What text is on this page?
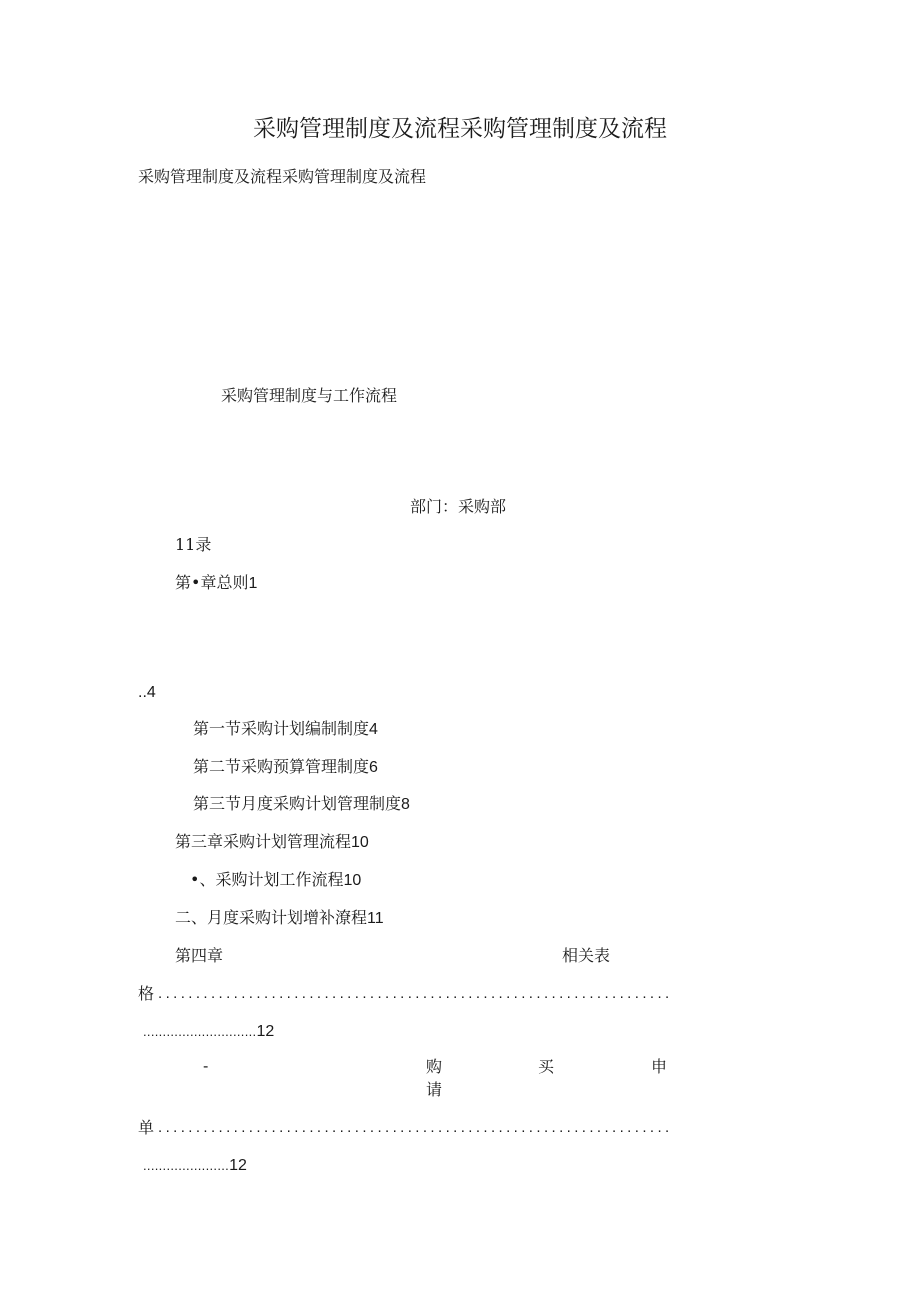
采购管理制度及流程采购管理制度及流程
采购管理制度及流程采购管理制度及流程
采购管理制度与工作流程
部门：采购部
11录
第•章总则1
..4
第一节采购计划编制制度4
第二节采购预算管理制度6
第三节月度采购计划管理制度8
第三章采购计划管理流程10
•、采购计划工作流程10
二、月度采购计划增补潦程11
第四章	相关表
格 ....................................................................
.............................12
-	购	买	申
请
单 ....................................................................
......................12
